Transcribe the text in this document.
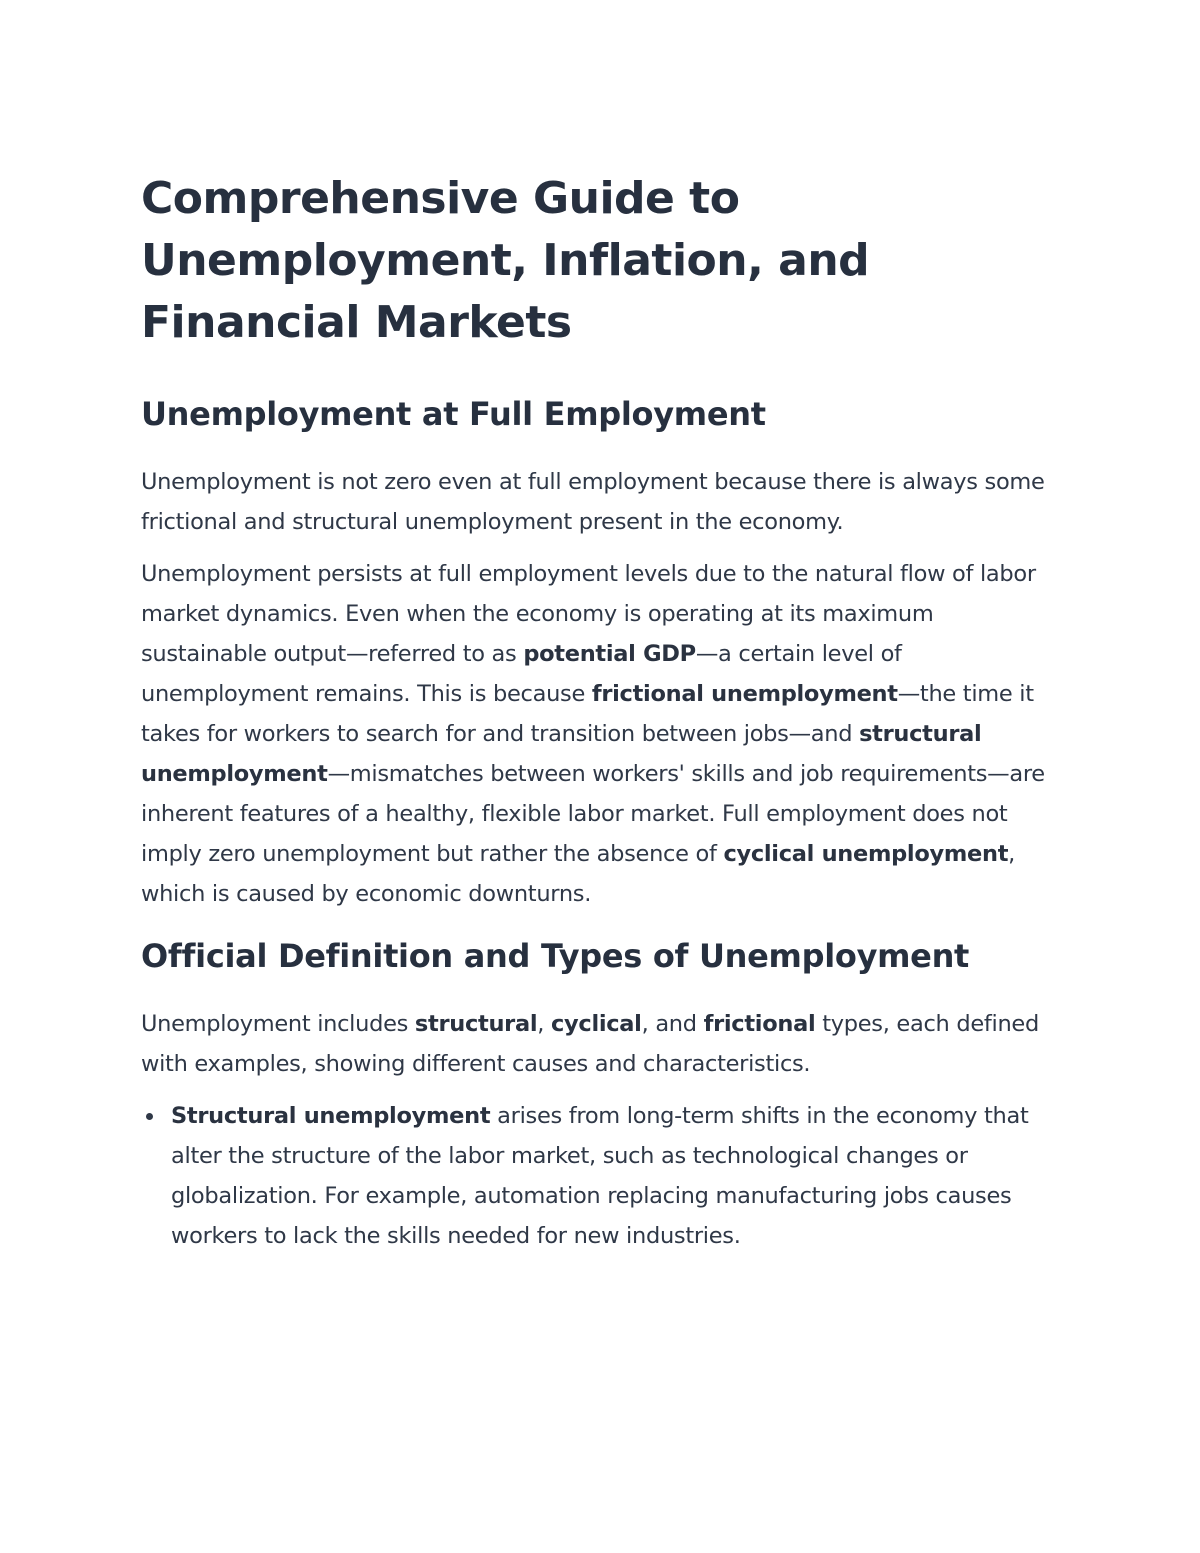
Comprehensive Guide to Unemployment, Inflation, and Financial Markets
Unemployment at Full Employment

Unemployment is not zero even at full employment because there is always some frictional and structural unemployment present in the economy.

Unemployment persists at full employment levels due to the natural flow of labor market dynamics. Even when the economy is operating at its maximum sustainable output—referred to as potential GDP—a certain level of unemployment remains. This is because frictional unemployment—the time it takes for workers to search for and transition between jobs—and structural unemployment—mismatches between workers' skills and job requirements—are inherent features of a healthy, flexible labor market. Full employment does not imply zero unemployment but rather the absence of cyclical unemployment, which is caused by economic downturns.

Official Definition and Types of Unemployment

Unemployment includes structural, cyclical, and frictional types, each defined with examples, showing different causes and characteristics.

Structural unemployment arises from long-term shifts in the economy that alter the structure of the labor market, such as technological changes or globalization. For example, automation replacing manufacturing jobs causes workers to lack the skills needed for new industries.
